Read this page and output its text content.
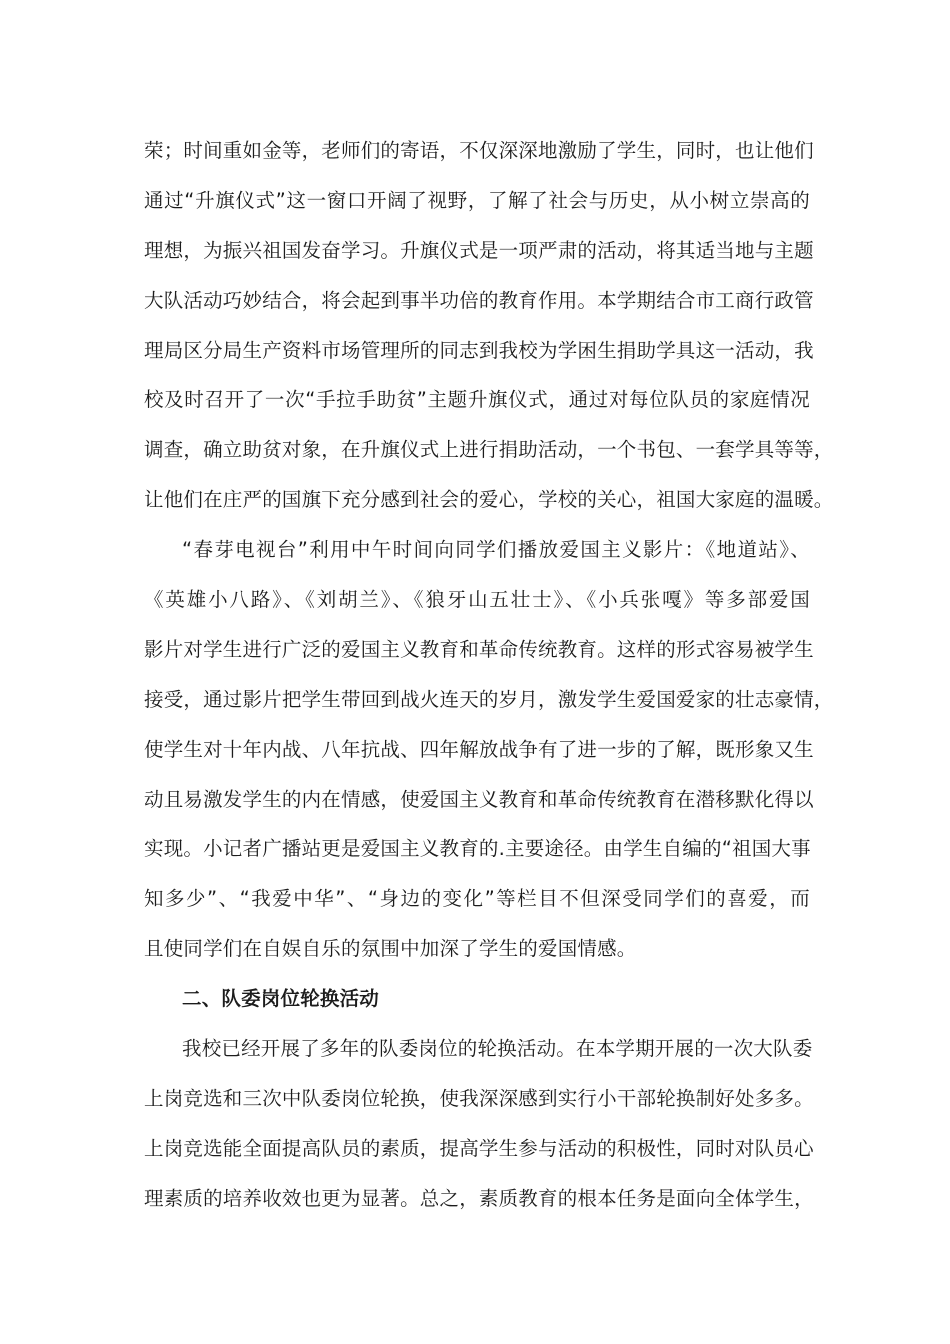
荣；时间重如金等，老师们的寄语，不仅深深地激励了学生，同时，也让他们
通过“升旗仪式”这一窗口开阔了视野，了解了社会与历史，从小树立崇高的
理想，为振兴祖国发奋学习。升旗仪式是一项严肃的活动，将其适当地与主题
大队活动巧妙结合，将会起到事半功倍的教育作用。本学期结合市工商行政管
理局区分局生产资料市场管理所的同志到我校为学困生捐助学具这一活动，我
校及时召开了一次“手拉手助贫”主题升旗仪式，通过对每位队员的家庭情况
调查，确立助贫对象，在升旗仪式上进行捐助活动，一个书包、一套学具等等，
让他们在庄严的国旗下充分感到社会的爱心，学校的关心，祖国大家庭的温暖。
“春芽电视台”利用中午时间向同学们播放爱国主义影片：《地道站》、
《英雄小八路》、《刘胡兰》、《狼牙山五壮士》、《小兵张嘎》等多部爱国
影片对学生进行广泛的爱国主义教育和革命传统教育。这样的形式容易被学生
接受，通过影片把学生带回到战火连天的岁月，激发学生爱国爱家的壮志豪情，
使学生对十年内战、八年抗战、四年解放战争有了进一步的了解，既形象又生
动且易激发学生的内在情感，使爱国主义教育和革命传统教育在潜移默化得以
实现。小记者广播站更是爱国主义教育的.主要途径。由学生自编的“祖国大事
知多少”、“我爱中华”、“身边的变化”等栏目不但深受同学们的喜爱，而
且使同学们在自娱自乐的氛围中加深了学生的爱国情感。
二、队委岗位轮换活动
我校已经开展了多年的队委岗位的轮换活动。在本学期开展的一次大队委
上岗竞选和三次中队委岗位轮换，使我深深感到实行小干部轮换制好处多多。
上岗竞选能全面提高队员的素质，提高学生参与活动的积极性，同时对队员心
理素质的培养收效也更为显著。总之，素质教育的根本任务是面向全体学生，
